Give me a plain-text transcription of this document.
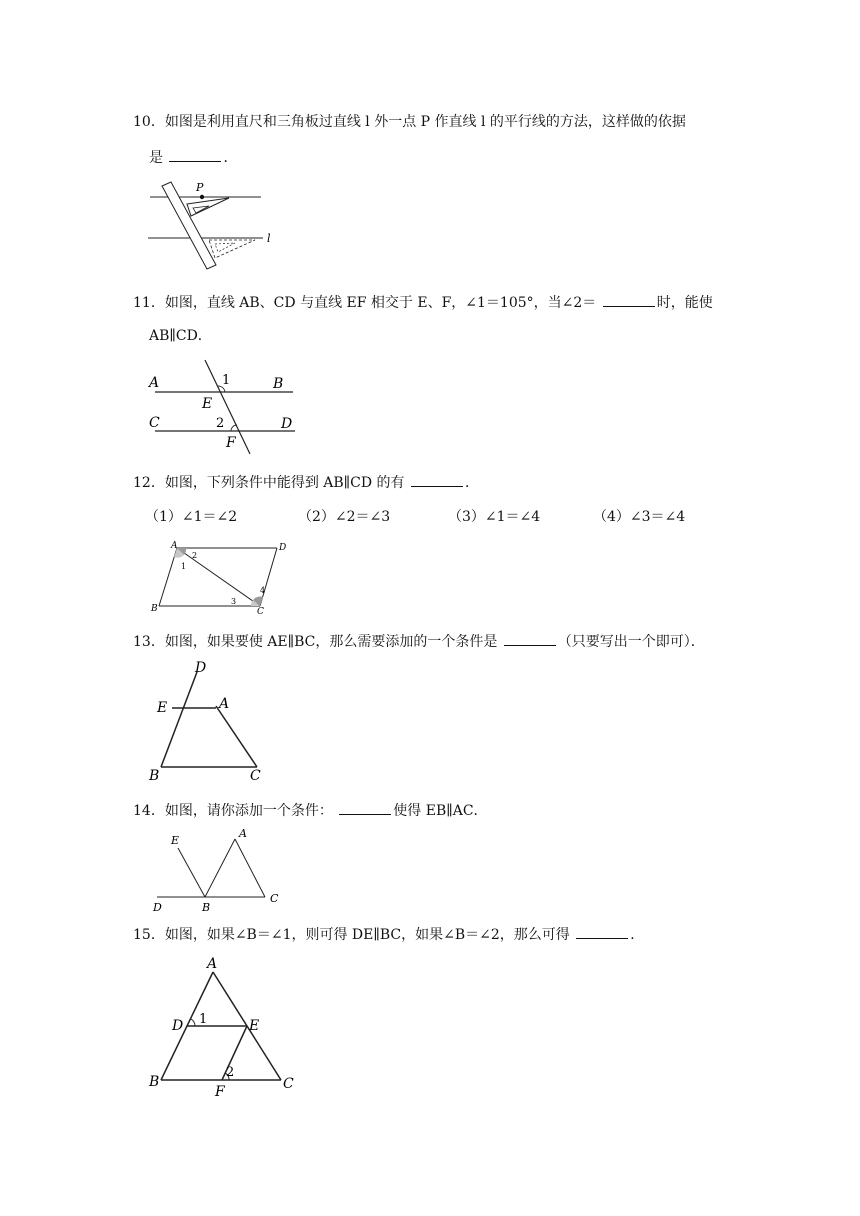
10．如图是利用直尺和三角板过直线 l 外一点 P 作直线 l 的平行线的方法，这样做的依据
是	．
P
l
11．如图，直线 AB、CD 与直线 EF 相交于 E、F，∠1＝105°，当∠2＝	时，能使
AB∥CD．
A	B
C	D
E
F
1
2
12．如图，下列条件中能得到 AB∥CD 的有	．
（1）∠1＝∠2	（2）∠2＝∠3	（3）∠1＝∠4	（4）∠3＝∠4
A	D
B	C
2
1
4
3
13．如图，如果要使 AE∥BC，那么需要添加的一个条件是	（只要写出一个即可）．
D
E	A
B	C
14．如图，请你添加一个条件：	使得 EB∥AC．
E
A
D	B
C
15．如图，如果∠B＝∠1，则可得 DE∥BC，如果∠B＝∠2，那么可得	．
A
D 1	E
B	C
2
F
